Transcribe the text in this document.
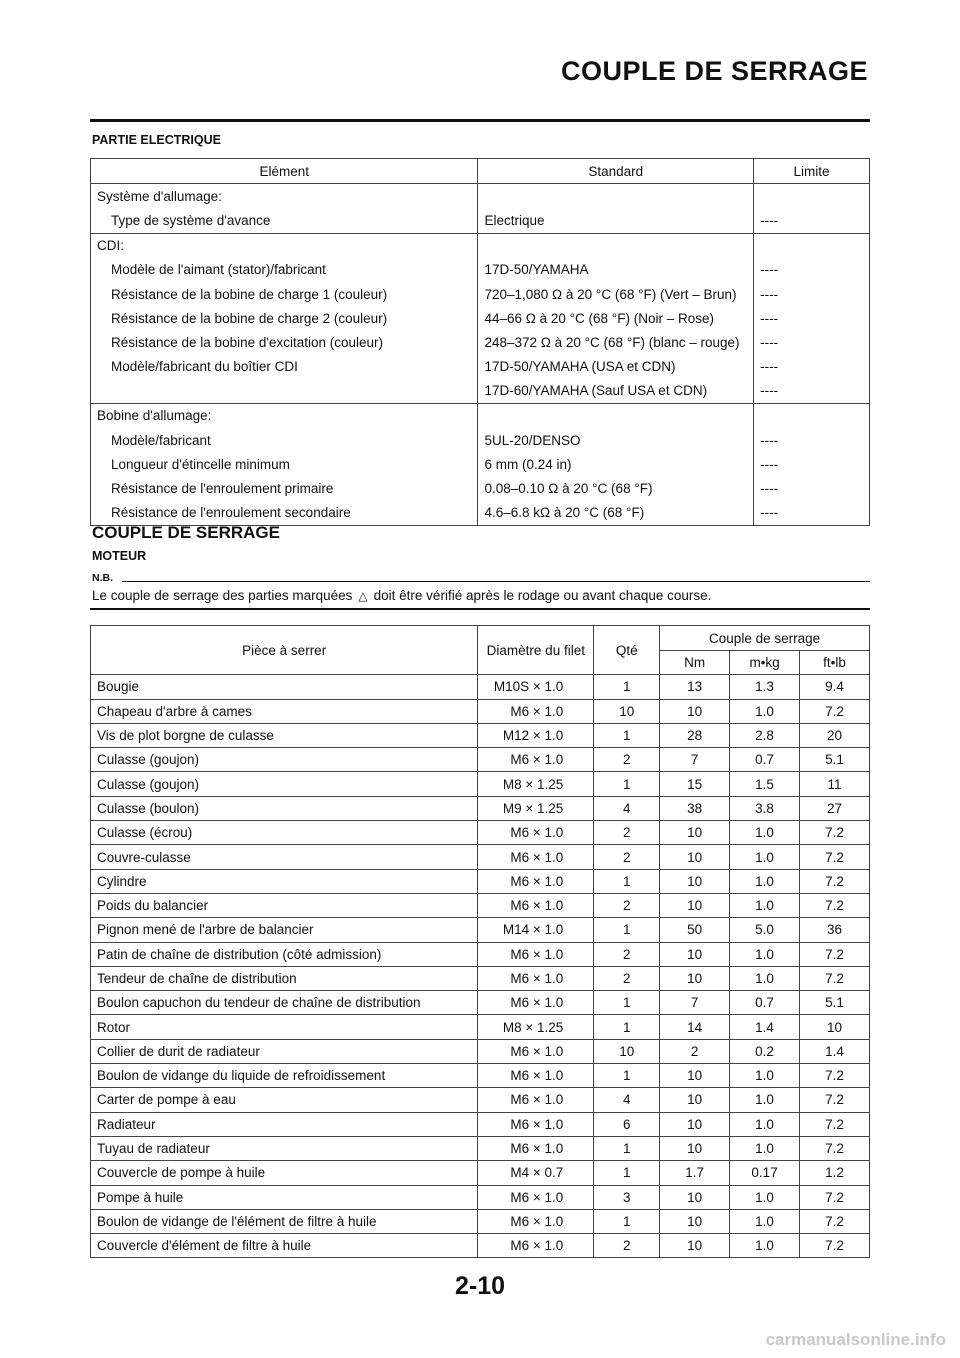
COUPLE DE SERRAGE
PARTIE ELECTRIQUE
Elément	Standard	Limite
Système d'allumage:		
Type de système d'avance	Electrique	----
CDI:		
Modèle de l'aimant (stator)/fabricant	17D-50/YAMAHA	----
Résistance de la bobine de charge 1 (couleur)	720–1,080 Ω à 20 °C (68 °F) (Vert – Brun)	----
Résistance de la bobine de charge 2 (couleur)	44–66 Ω à 20 °C (68 °F) (Noir – Rose)	----
Résistance de la bobine d'excitation (couleur)	248–372 Ω à 20 °C (68 °F) (blanc – rouge)	----
Modèle/fabricant du boîtier CDI	17D-50/YAMAHA (USA et CDN)	----
	17D-60/YAMAHA (Sauf USA et CDN)	----
Bobine d'allumage:		
Modèle/fabricant	5UL-20/DENSO	----
Longueur d'étincelle minimum	6 mm (0.24 in)	----
Résistance de l'enroulement primaire	0.08–0.10 Ω à 20 °C (68 °F)	----
Résistance de l'enroulement secondaire	4.6–6.8 kΩ à 20 °C (68 °F)	----
COUPLE DE SERRAGE
MOTEUR
N.B.
Le couple de serrage des parties marquées △ doit être vérifié après le rodage ou avant chaque course.
Pièce à serrer	Diamètre du filet	Qté	Couple de serrage		
			Nm	m•kg	ft•lb
Bougie	M10S × 1.0	1	13	1.3	9.4
Chapeau d'arbre à cames	M6 × 1.0	10	10	1.0	7.2
Vis de plot borgne de culasse	M12 × 1.0	1	28	2.8	20
Culasse (goujon)	M6 × 1.0	2	7	0.7	5.1
Culasse (goujon)	M8 × 1.25	1	15	1.5	11
Culasse (boulon)	M9 × 1.25	4	38	3.8	27
Culasse (écrou)	M6 × 1.0	2	10	1.0	7.2
Couvre-culasse	M6 × 1.0	2	10	1.0	7.2
Cylindre	M6 × 1.0	1	10	1.0	7.2
Poids du balancier	M6 × 1.0	2	10	1.0	7.2
Pignon mené de l'arbre de balancier	M14 × 1.0	1	50	5.0	36
Patin de chaîne de distribution (côté admission)	M6 × 1.0	2	10	1.0	7.2
Tendeur de chaîne de distribution	M6 × 1.0	2	10	1.0	7.2
Boulon capuchon du tendeur de chaîne de distribution	M6 × 1.0	1	7	0.7	5.1
Rotor	M8 × 1.25	1	14	1.4	10
Collier de durit de radiateur	M6 × 1.0	10	2	0.2	1.4
Boulon de vidange du liquide de refroidissement	M6 × 1.0	1	10	1.0	7.2
Carter de pompe à eau	M6 × 1.0	4	10	1.0	7.2
Radiateur	M6 × 1.0	6	10	1.0	7.2
Tuyau de radiateur	M6 × 1.0	1	10	1.0	7.2
Couvercle de pompe à huile	M4 × 0.7	1	1.7	0.17	1.2
Pompe à huile	M6 × 1.0	3	10	1.0	7.2
Boulon de vidange de l'élément de filtre à huile	M6 × 1.0	1	10	1.0	7.2
Couvercle d'élément de filtre à huile	M6 × 1.0	2	10	1.0	7.2
2-10
carmanualsonline.info
